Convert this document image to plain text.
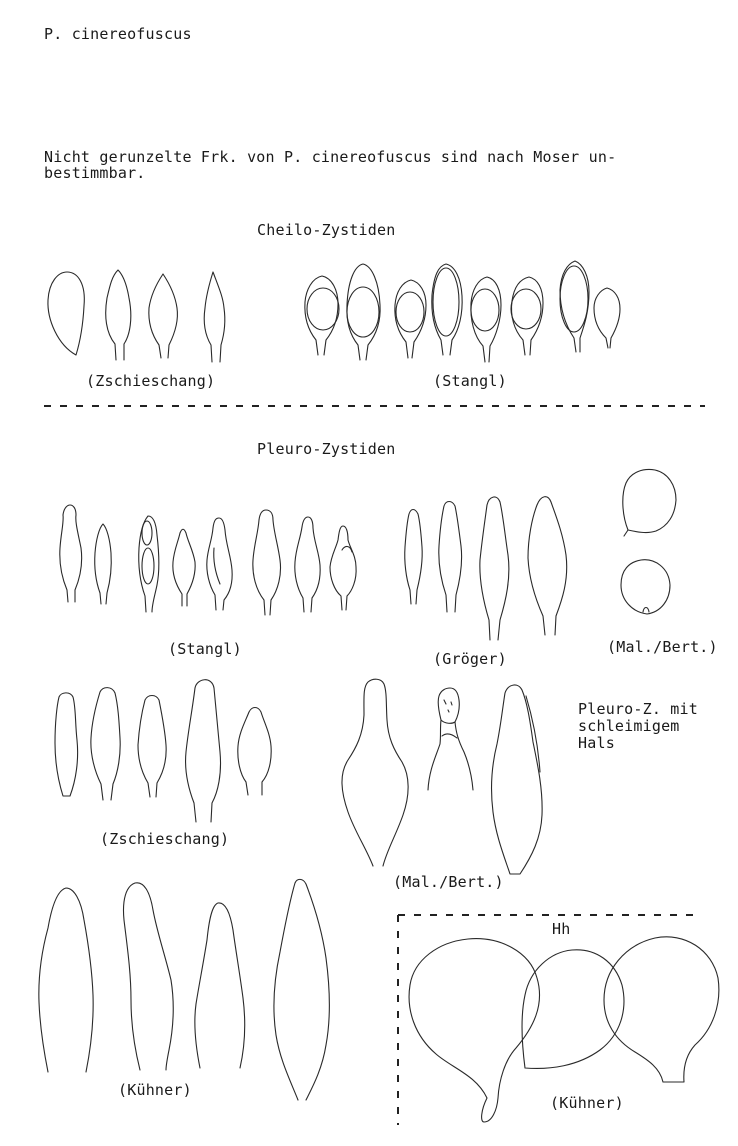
P. cinereofuscus
Nicht gerunzelte Frk. von P. cinereofuscus sind nach Moser un-
bestimmbar.
Cheilo-Zystiden
(Zschieschang)	(Stangl)
Pleuro-Zystiden
(Stangl)
(Gröger)
(Mal./Bert.)
(Zschieschang)
(Mal./Bert.)
Pleuro-Z. mit
schleimigem
Hals
(Kühner)
Hh
(Kühner)
